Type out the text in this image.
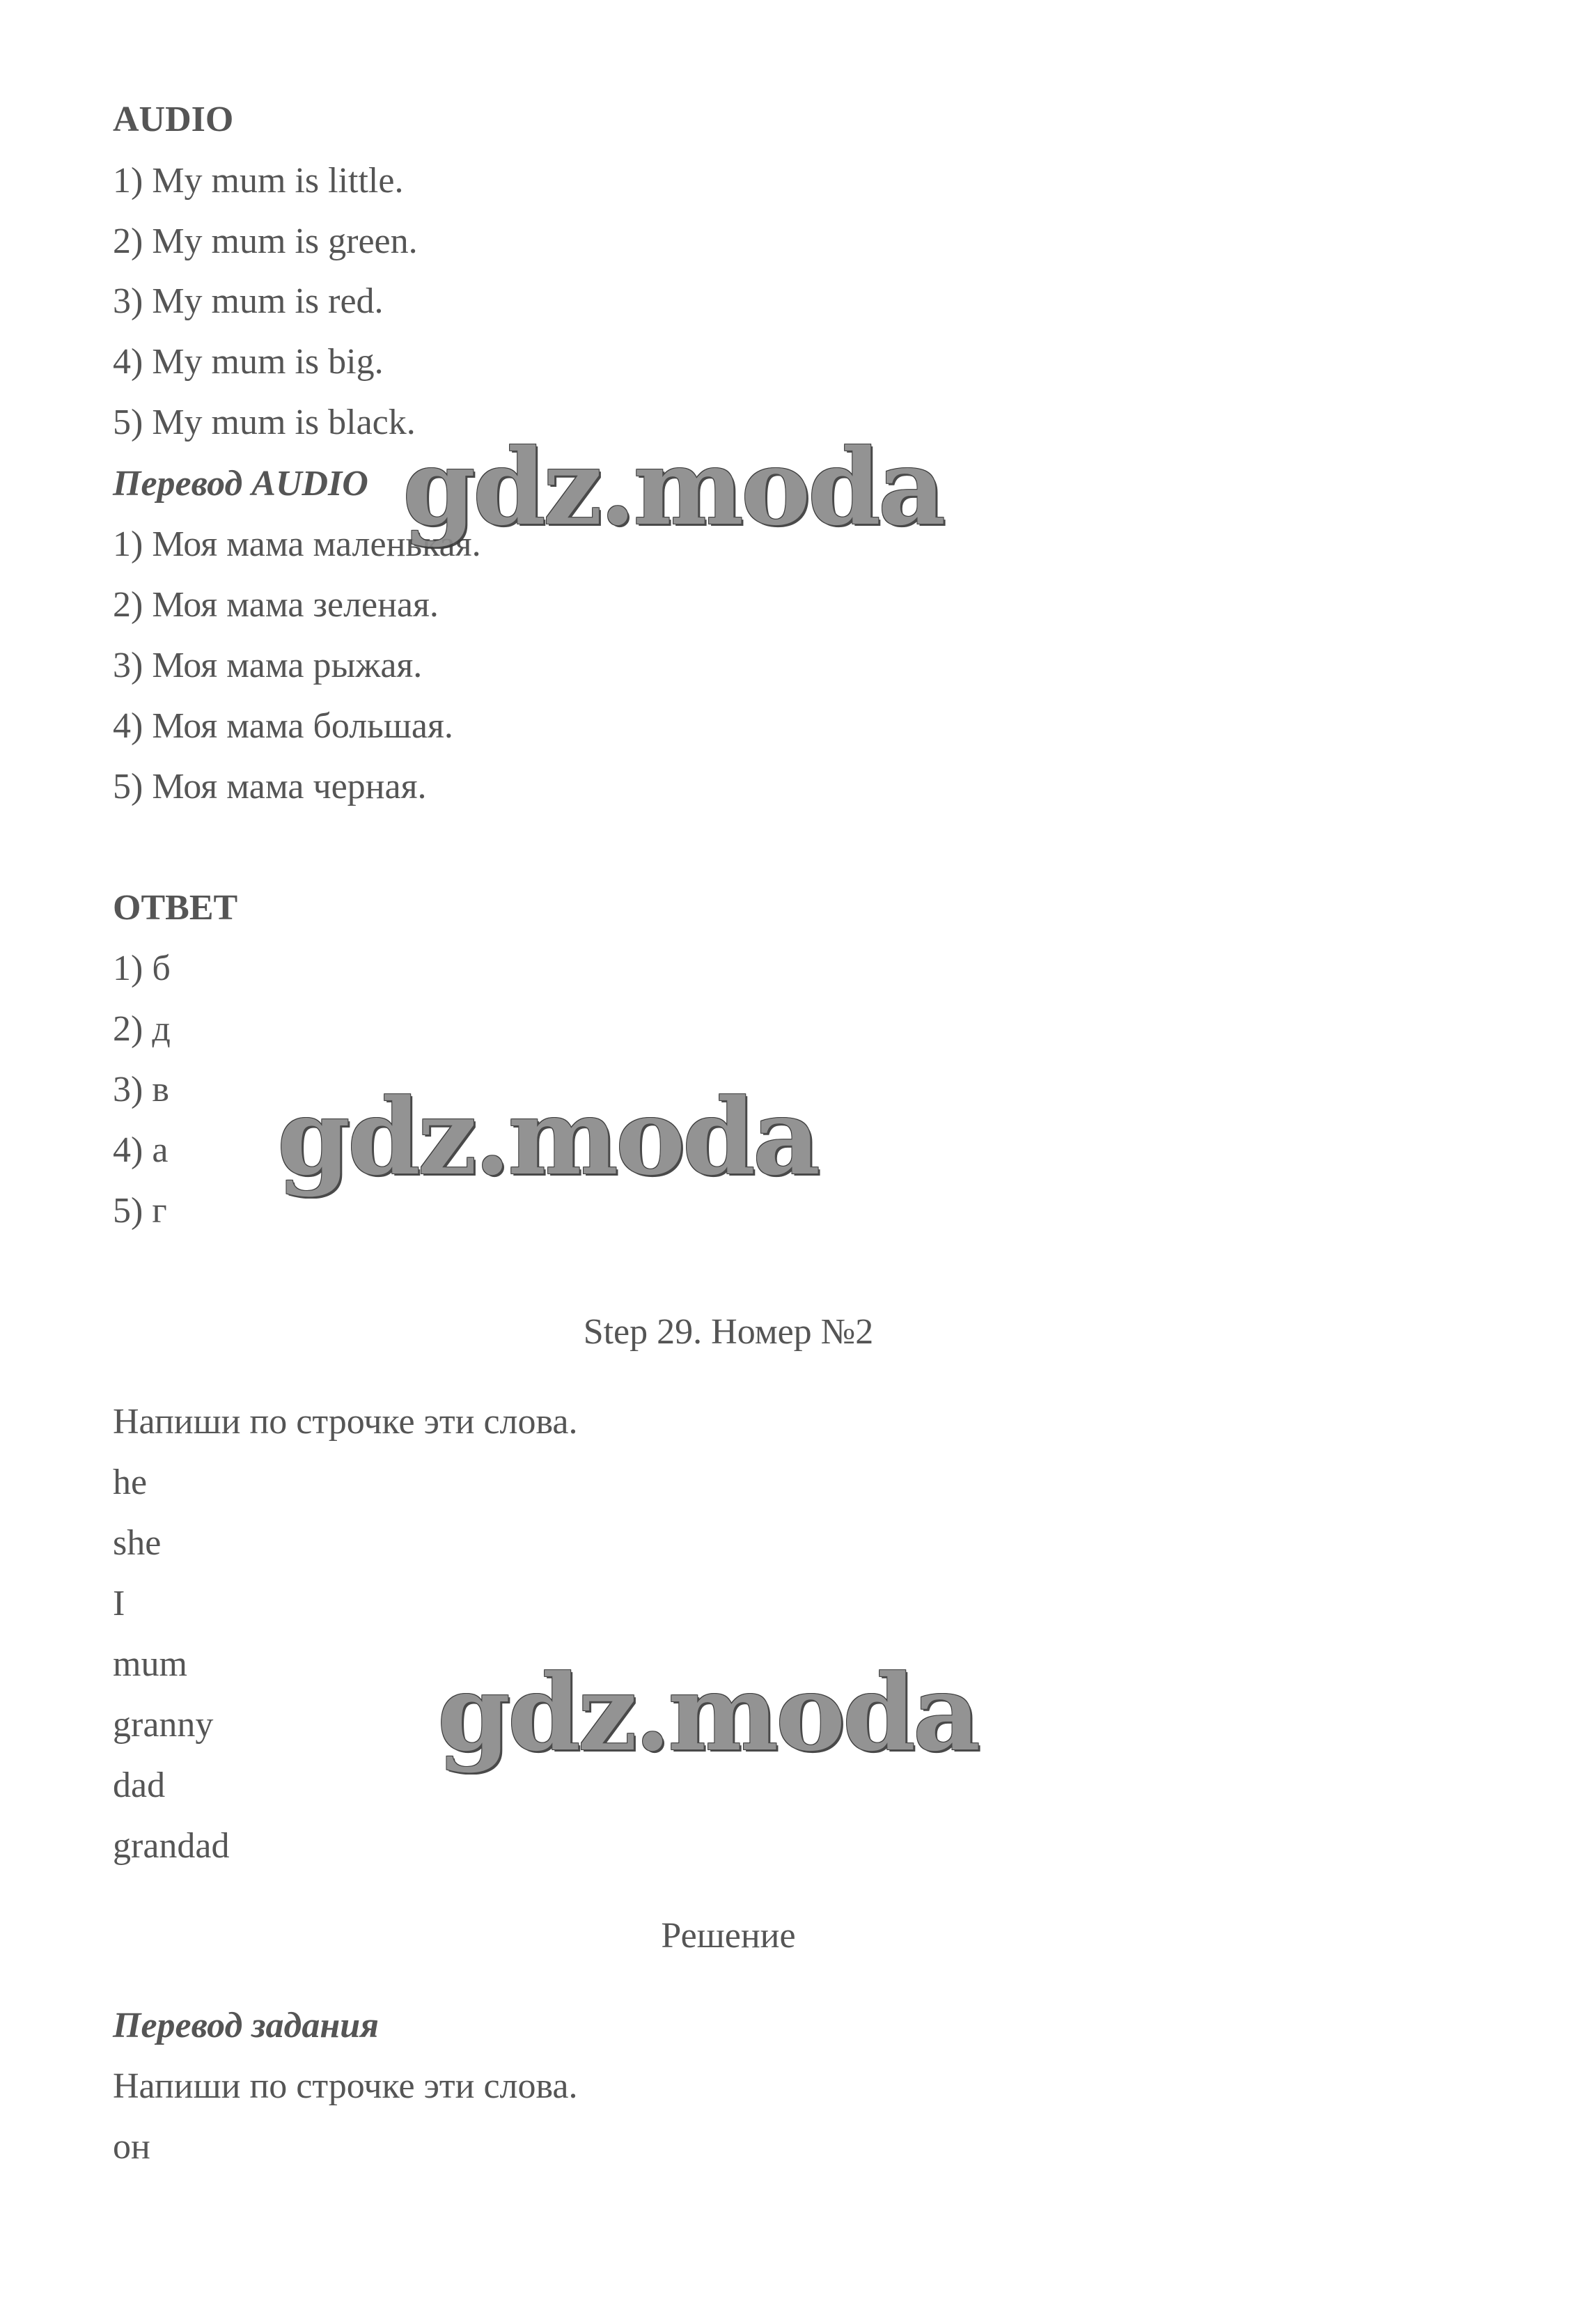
AUDIO
1) My mum is little.
2) My mum is green.
3) My mum is red.
4) My mum is big.
5) My mum is black.
Перевод AUDIO
1) Моя мама маленькая.
2) Моя мама зеленая.
3) Моя мама рыжая.
4) Моя мама большая.
5) Моя мама черная.
ОТВЕТ
1) б
2) д
3) в
4) а
5) г
Step 29. Номер №2
Напиши по строчке эти слова.
he
she
I
mum
granny
dad
grandad
Решение
Перевод задания
Напиши по строчке эти слова.
он
gdz.moda
gdz.moda
gdz.moda
